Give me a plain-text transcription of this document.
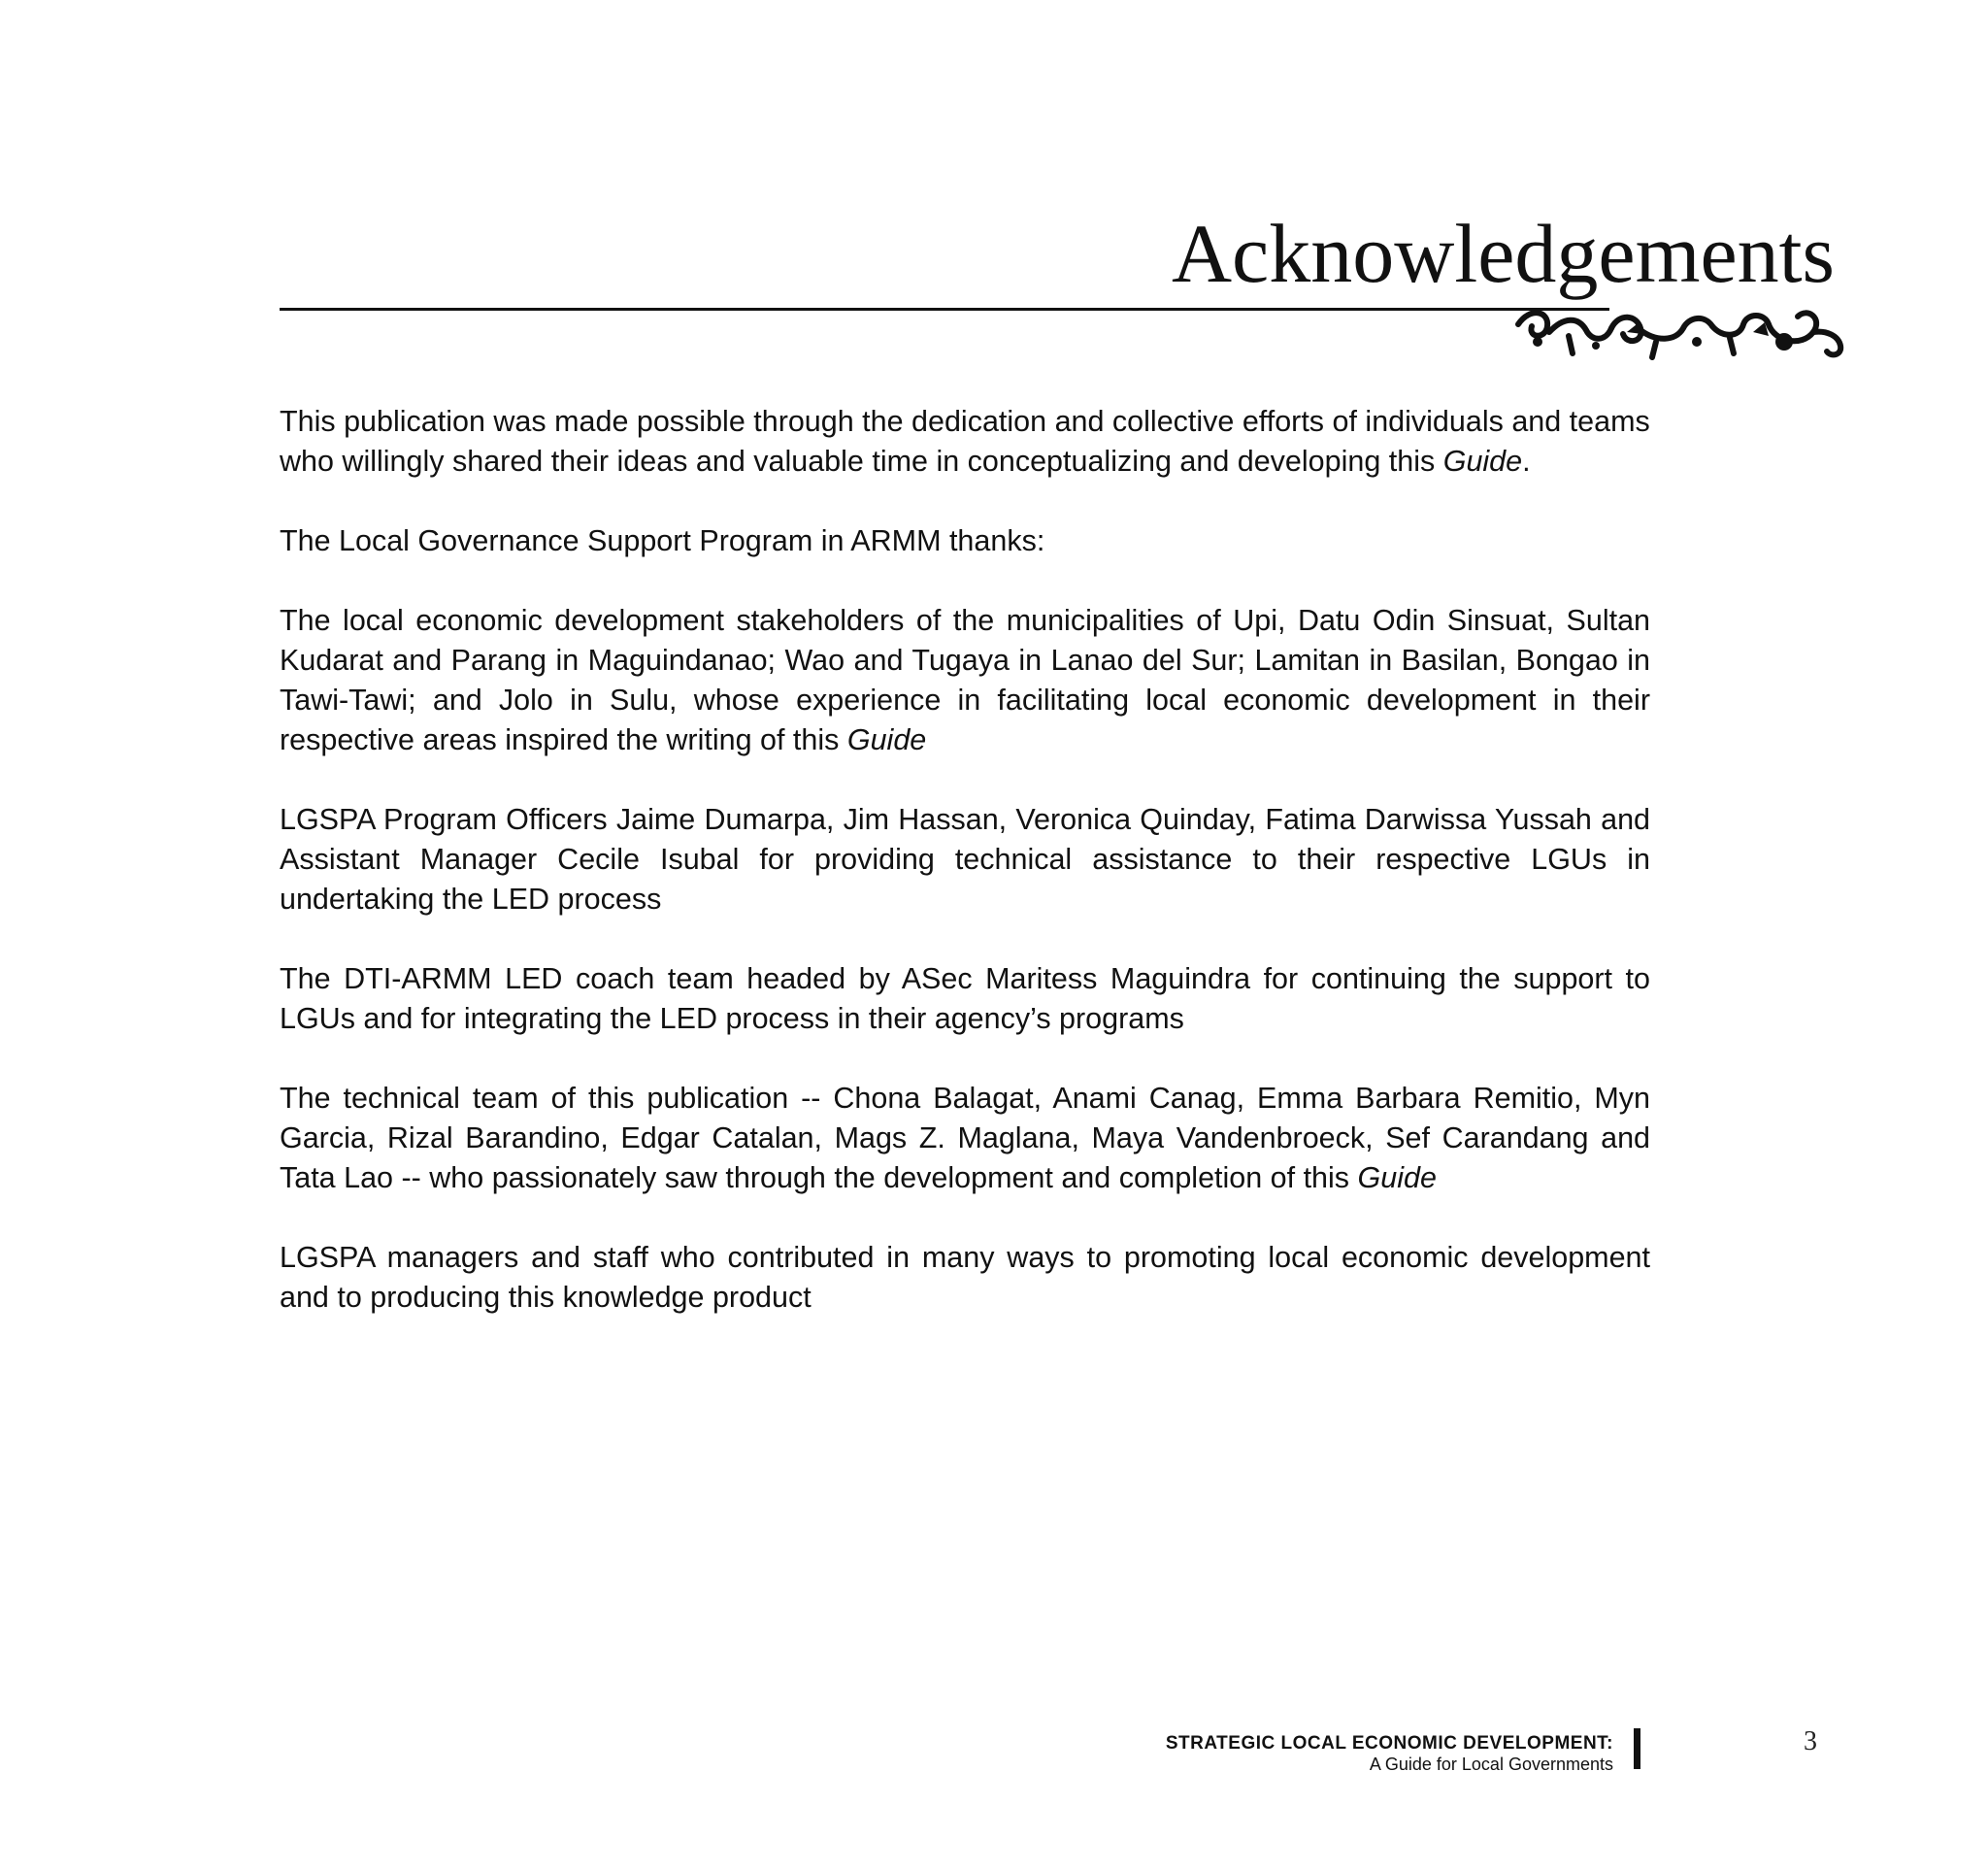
Acknowledgements

This publication was made possible through the dedication and collective efforts of individuals and teams who willingly shared their ideas and valuable time in conceptualizing and developing this Guide.

The Local Governance Support Program in ARMM thanks:

The local economic development stakeholders of the municipalities of Upi, Datu Odin Sinsuat, Sultan Kudarat and Parang in Maguindanao; Wao and Tugaya in Lanao del Sur; Lamitan in Basilan, Bongao in Tawi-Tawi; and Jolo in Sulu, whose experience in facilitating local economic development in their respective areas inspired the writing of this Guide

LGSPA Program Officers Jaime Dumarpa, Jim Hassan, Veronica Quinday, Fatima Darwissa Yussah and Assistant Manager Cecile Isubal for providing technical assistance to their respective LGUs in undertaking the LED process

The DTI-ARMM LED coach team headed by ASec Maritess Maguindra for continuing the support to LGUs and for integrating the LED process in their agency’s programs

The technical team of this publication -- Chona Balagat, Anami Canag, Emma Barbara Remitio, Myn Garcia, Rizal Barandino, Edgar Catalan, Mags Z. Maglana, Maya Vandenbroeck, Sef Carandang and Tata Lao -- who passionately saw through the development and completion of this Guide

LGSPA managers and staff who contributed in many ways to promoting local economic development and to producing this knowledge product

STRATEGIC LOCAL ECONOMIC DEVELOPMENT:
A Guide for Local Governments
3
